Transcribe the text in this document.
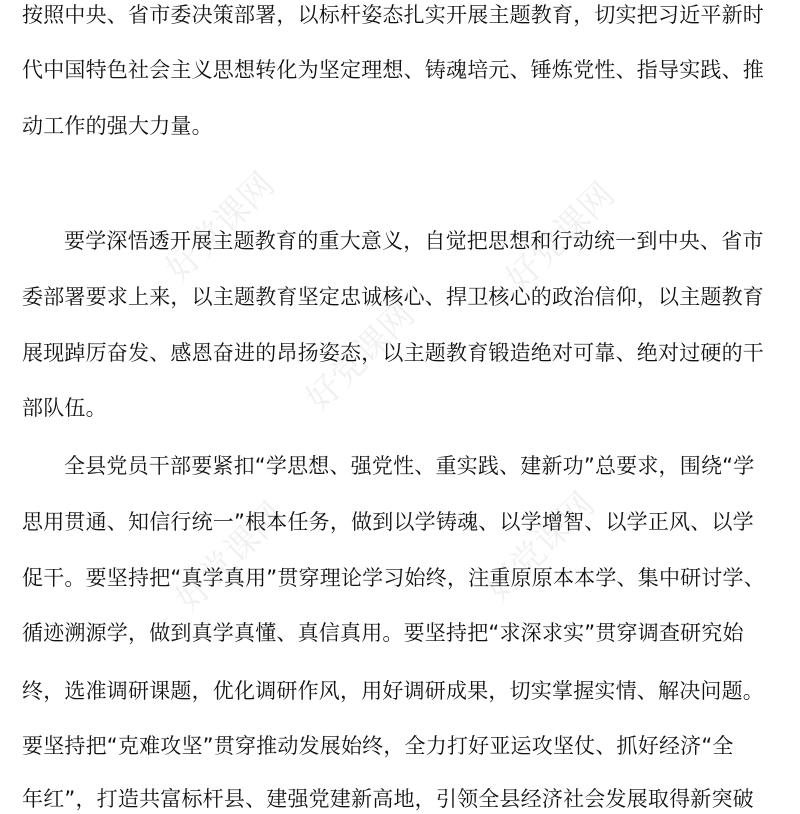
好党课网	好党课网
好党课网
好党课网	好党课网
按照中央、省市委决策部署，以标杆姿态扎实开展主题教育，切实把习近平新时
代中国特色社会主义思想转化为坚定理想、铸魂培元、锤炼党性、指导实践、推
动工作的强大力量。
要学深悟透开展主题教育的重大意义，自觉把思想和行动统一到中央、省市
委部署要求上来，以主题教育坚定忠诚核心、捍卫核心的政治信仰，以主题教育
展现踔厉奋发、感恩奋进的昂扬姿态，以主题教育锻造绝对可靠、绝对过硬的干
部队伍。
全县党员干部要紧扣“学思想、强党性、重实践、建新功”总要求，围绕“学
思用贯通、知信行统一”根本任务，做到以学铸魂、以学增智、以学正风、以学
促干。要坚持把“真学真用”贯穿理论学习始终，注重原原本本学、集中研讨学、
循迹溯源学，做到真学真懂、真信真用。要坚持把“求深求实”贯穿调查研究始
终，选准调研课题，优化调研作风，用好调研成果，切实掌握实情、解决问题。
要坚持把“克难攻坚”贯穿推动发展始终，全力打好亚运攻坚仗、抓好经济“全
年红”，打造共富标杆县、建强党建新高地，引领全县经济社会发展取得新突破
